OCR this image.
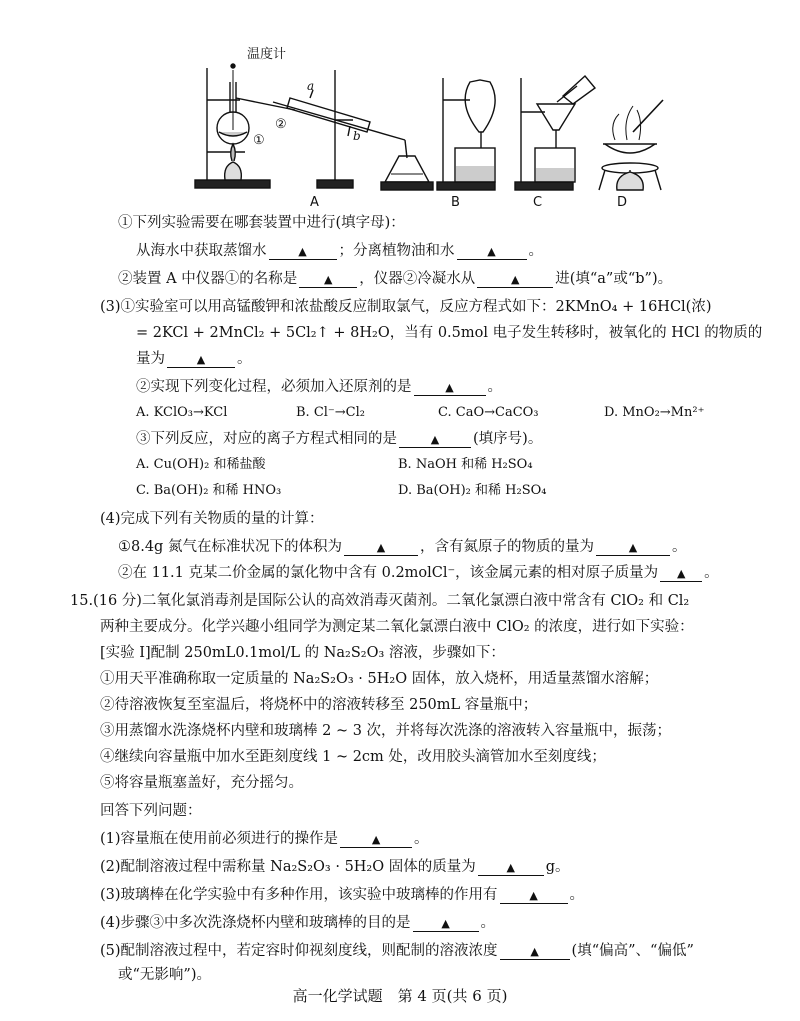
温度计
a
b
①
②
A	B	C	D
①下列实验需要在哪套装置中进行(填字母)：
从海水中获取蒸馏水	▲ ；分离植物油和水	▲ 。
②装置 A 中仪器①的名称是 ▲ ，仪器②冷凝水从	▲ 进(填“a”或“b”)。
(3)①实验室可以用高锰酸钾和浓盐酸反应制取氯气，反应方程式如下：2KMnO₄ + 16HCl(浓)
= 2KCl + 2MnCl₂ + 5Cl₂↑ + 8H₂O，当有 0.5mol 电子发生转移时，被氧化的 HCl 的物质的
量为	▲ 。
②实现下列变化过程，必须加入还原剂的是	▲ 。
A. KClO₃→KCl	B. Cl⁻→Cl₂	C. CaO→CaCO₃	D. MnO₂→Mn²⁺
③下列反应，对应的离子方程式相同的是	▲ (填序号)。
A. Cu(OH)₂ 和稀盐酸	B. NaOH 和稀 H₂SO₄
C. Ba(OH)₂ 和稀 HNO₃	D. Ba(OH)₂ 和稀 H₂SO₄
(4)完成下列有关物质的量的计算：
①8.4g 氮气在标准状况下的体积为	▲ ，含有氮原子的物质的量为	▲ 。
②在 11.1 克某二价金属的氯化物中含有 0.2molCl⁻，该金属元素的相对原子质量为 ▲ 。
15.(16 分)二氧化氯消毒剂是国际公认的高效消毒灭菌剂。二氧化氯漂白液中常含有 ClO₂ 和 Cl₂
两种主要成分。化学兴趣小组同学为测定某二氧化氯漂白液中 ClO₂ 的浓度，进行如下实验：
[实验 Ⅰ]配制 250mL0.1mol/L 的 Na₂S₂O₃ 溶液，步骤如下：
①用天平准确称取一定质量的 Na₂S₂O₃ · 5H₂O 固体，放入烧杯，用适量蒸馏水溶解；
②待溶液恢复至室温后，将烧杯中的溶液转移至 250mL 容量瓶中；
③用蒸馏水洗涤烧杯内壁和玻璃棒 2 ~ 3 次，并将每次洗涤的溶液转入容量瓶中，振荡；
④继续向容量瓶中加水至距刻度线 1 ~ 2cm 处，改用胶头滴管加水至刻度线；
⑤将容量瓶塞盖好，充分摇匀。
回答下列问题：
(1)容量瓶在使用前必须进行的操作是	▲ 。
(2)配制溶液过程中需称量 Na₂S₂O₃ · 5H₂O 固体的质量为	▲ g。
(3)玻璃棒在化学实验中有多种作用，该实验中玻璃棒的作用有	▲ 。
(4)步骤③中多次洗涤烧杯内壁和玻璃棒的目的是	▲ 。
(5)配制溶液过程中，若定容时仰视刻度线，则配制的溶液浓度	▲ (填“偏高”、“偏低”
或“无影响”)。
高一化学试题　第 4 页(共 6 页)
